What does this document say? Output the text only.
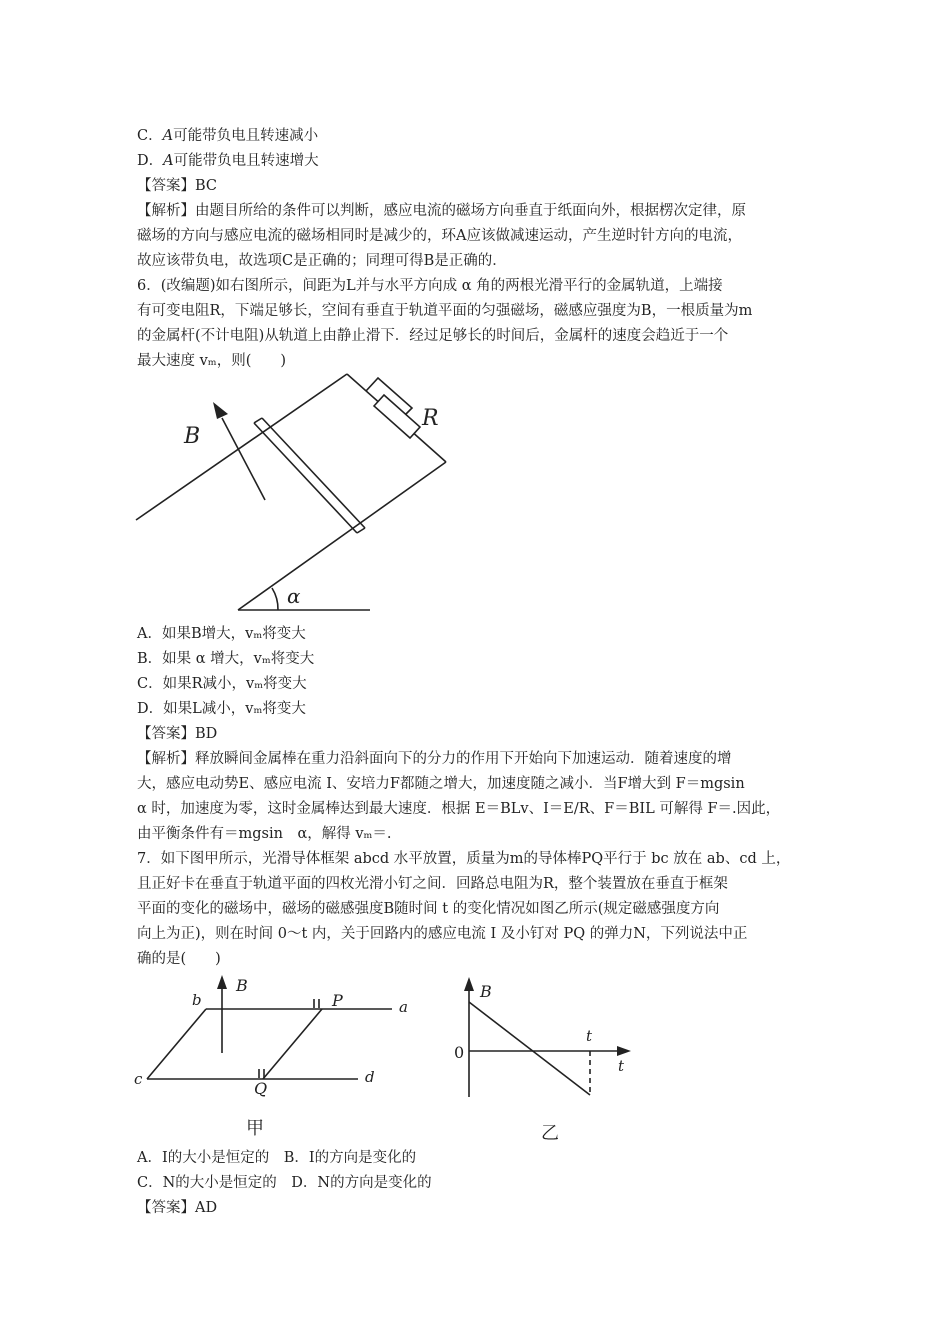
C．A可能带负电且转速减小
D．A可能带负电且转速增大
【答案】BC
【解析】由题目所给的条件可以判断，感应电流的磁场方向垂直于纸面向外，根据楞次定律，原
磁场的方向与感应电流的磁场相同时是减少的，环A应该做减速运动，产生逆时针方向的电流，
故应该带负电，故选项C是正确的；同理可得B是正确的．
6．(改编题)如右图所示，间距为L并与水平方向成 α 角的两根光滑平行的金属轨道，上端接
有可变电阻R，下端足够长，空间有垂直于轨道平面的匀强磁场，磁感应强度为B，一根质量为m
的金属杆(不计电阻)从轨道上由静止滑下．经过足够长的时间后，金属杆的速度会趋近于一个
最大速度 vₘ，则(　　)
B
R
α
A．如果B增大，vₘ将变大
B．如果 α 增大，vₘ将变大
C．如果R减小，vₘ将变大
D．如果L减小，vₘ将变大
【答案】BD
【解析】释放瞬间金属棒在重力沿斜面向下的分力的作用下开始向下加速运动．随着速度的增
大，感应电动势E、感应电流 I、安培力F都随之增大，加速度随之减小．当F增大到 F＝mgsin
α 时，加速度为零，这时金属棒达到最大速度．根据 E＝BLv、I＝E/R、F＝BIL 可解得 F＝.因此，
由平衡条件有＝mgsin　α，解得 vₘ＝.
7．如下图甲所示，光滑导体框架 abcd 水平放置，质量为m的导体棒PQ平行于 bc 放在 ab、cd 上，
且正好卡在垂直于轨道平面的四枚光滑小钉之间．回路总电阻为R，整个装置放在垂直于框架
平面的变化的磁场中，磁场的磁感强度B随时间 t 的变化情况如图乙所示(规定磁感强度方向
向上为正)，则在时间 0～t 内，关于回路内的感应电流 I 及小钉对 PQ 的弹力N，下列说法中正
确的是(　　)
b
B
P	a
c	Q
d
甲
B
0
t
t
乙
A．I的大小是恒定的　B．I的方向是变化的
C．N的大小是恒定的　D．N的方向是变化的
【答案】AD
